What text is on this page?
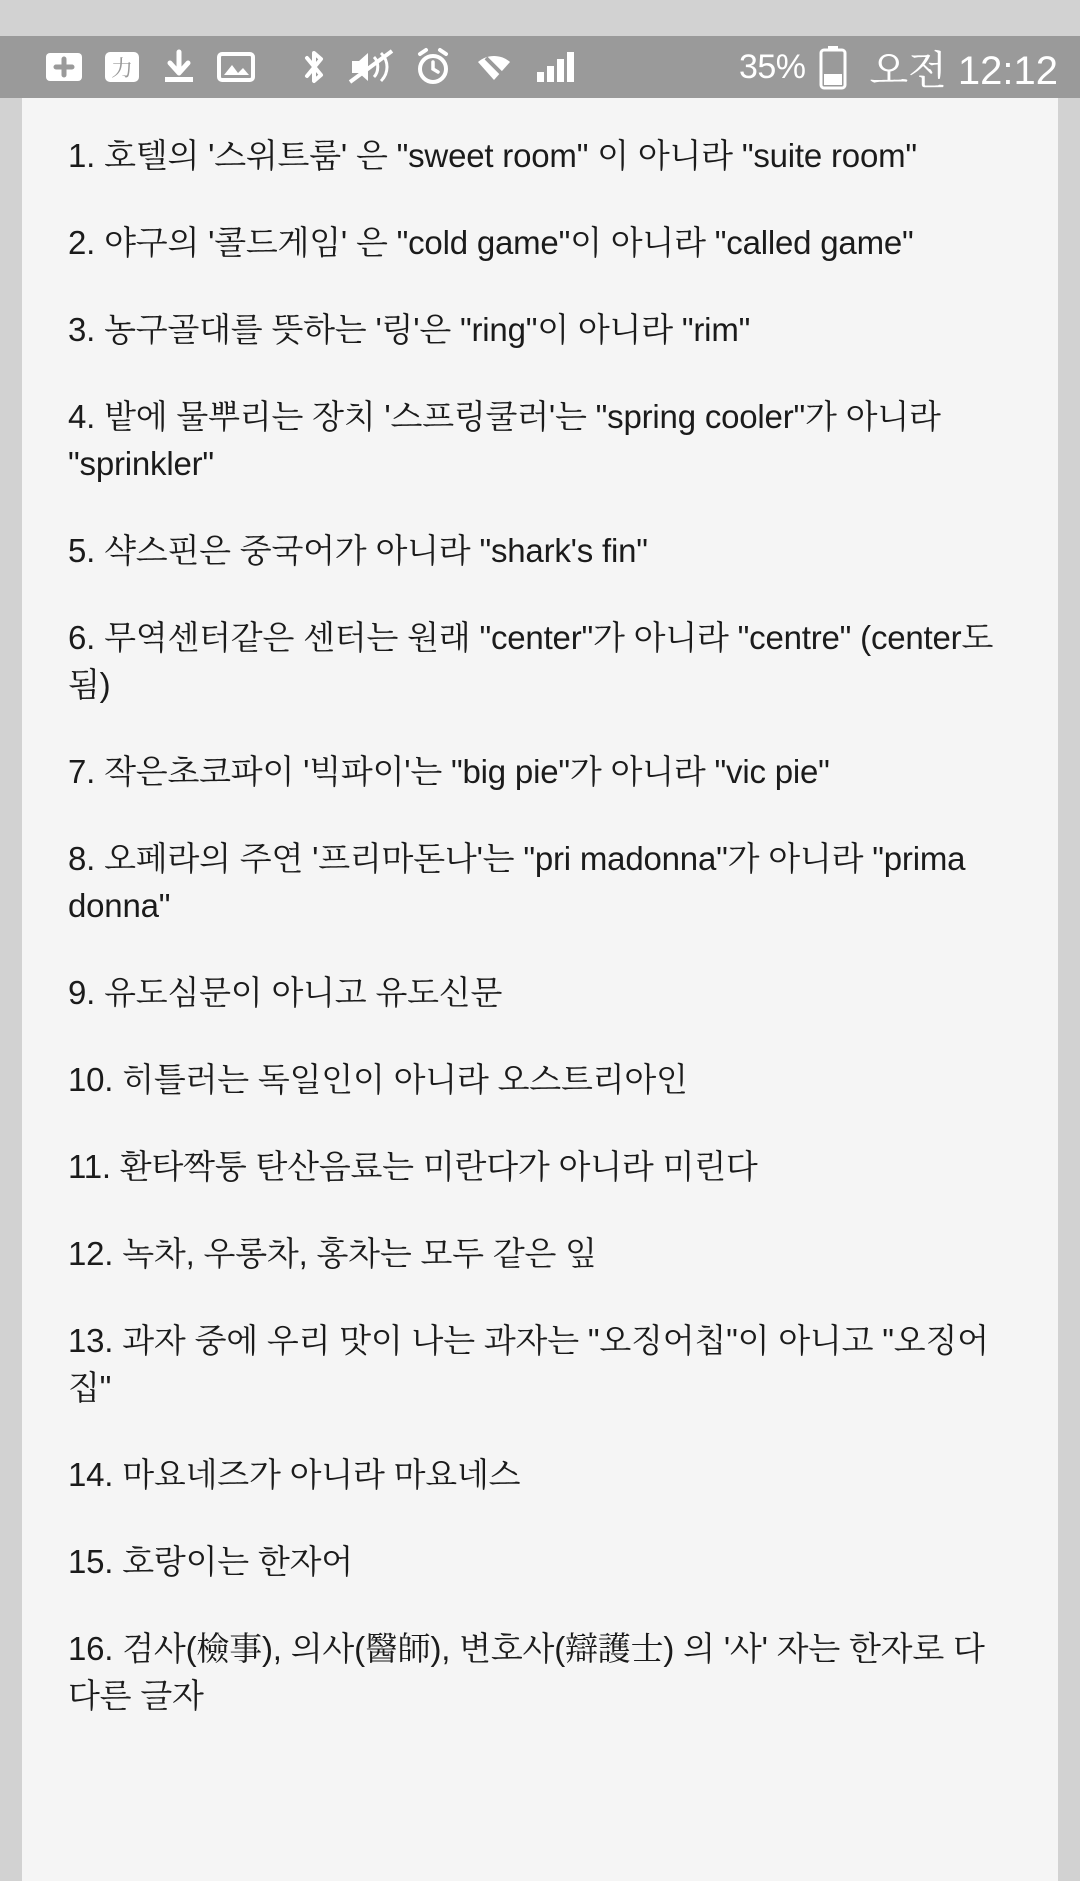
力	35% 오전 12:12

1. 호텔의 '스위트룸' 은 "sweet room" 이 아니라 "suite room"

2. 야구의 '콜드게임' 은 "cold game"이 아니라 "called game"

3. 농구골대를 뜻하는 '링'은 "ring"이 아니라 "rim"

4. 밭에 물뿌리는 장치 '스프링쿨러'는 "spring cooler"가 아니라 "sprinkler"

5. 샥스핀은 중국어가 아니라 "shark's fin"

6. 무역센터같은 센터는 원래 "center"가 아니라 "centre" (center도 됨)

7. 작은초코파이 '빅파이'는 "big pie"가 아니라 "vic pie"

8. 오페라의 주연 '프리마돈나'는 "pri madonna"가 아니라 "prima donna"

9. 유도심문이 아니고 유도신문

10. 히틀러는 독일인이 아니라 오스트리아인

11. 환타짝퉁 탄산음료는 미란다가 아니라 미린다

12. 녹차, 우롱차, 홍차는 모두 같은 잎

13. 과자 중에 우리 맛이 나는 과자는 "오징어칩"이 아니고 "오징어집"

14. 마요네즈가 아니라 마요네스

15. 호랑이는 한자어

16. 검사(檢事), 의사(醫師), 변호사(辯護士) 의 '사' 자는 한자로 다 다른 글자
